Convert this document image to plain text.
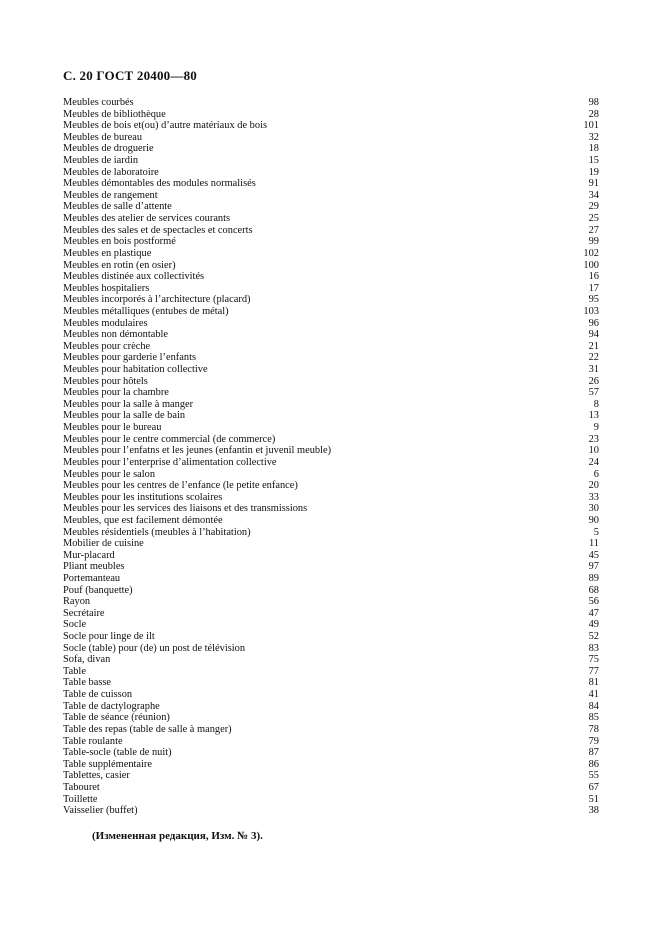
С. 20 ГОСТ 20400—80
Meubles courbés	98
Meubles de bibliothèque	28
Meubles de bois et(ou) d’autre matériaux de bois	101
Meubles de bureau	32
Meubles de droguerie	18
Meubles de iardin	15
Meubles de laboratoire	19
Meubles démontables des modules normalisés	91
Meubles de rangement	34
Meubles de salle d’attente	29
Meubles des atelier de services courants	25
Meubles des sales et de spectacles et concerts	27
Meubles en bois postformé	99
Meubles en plastique	102
Meubles en rotin (en osier)	100
Meubles distinée aux collectivités	16
Meubles hospitaliers	17
Meubles incorporés à l’architecture (placard)	95
Meubles métalliques (entubes de métal)	103
Meubles modulaires	96
Meubles non démontable	94
Meubles pour crèche	21
Meubles pour garderie l’enfants	22
Meubles pour habitation collective	31
Meubles pour hôtels	26
Meubles pour la chambre	57
Meubles pour la salle à manger	8
Meubles pour la salle de bain	13
Meubles pour le bureau	9
Meubles pour le centre commercial (de commerce)	23
Meubles pour l’enfatns et les jeunes (enfantin et juvenil meuble)	10
Meubles pour l’enterprise d’alimentation collective	24
Meubles pour le salon	6
Meubles pour les centres de l’enfance (le petite enfance)	20
Meubles pour les institutions scolaires	33
Meubles pour les services des liaisons et des transmissions	30
Meubles, que est facilement démontée	90
Meubles résidentiels (meubles à l’habitation)	5
Mobilier de cuisine	11
Mur-placard	45
Pliant meubles	97
Portemanteau	89
Pouf (banquette)	68
Rayon	56
Secrétaire	47
Socle	49
Socle pour linge de ilt	52
Socle (table) pour (de) un post de télévision	83
Sofa, divan	75
Table	77
Table basse	81
Table de cuisson	41
Table de dactylographe	84
Table de séance (réunion)	85
Table des repas (table de salle à manger)	78
Table roulante	79
Table-socle (table de nuit)	87
Table supplémentaire	86
Tablettes, casier	55
Tabouret	67
Toillette	51
Vaisselier (buffet)	38
(Измененная редакция, Изм. № 3).
